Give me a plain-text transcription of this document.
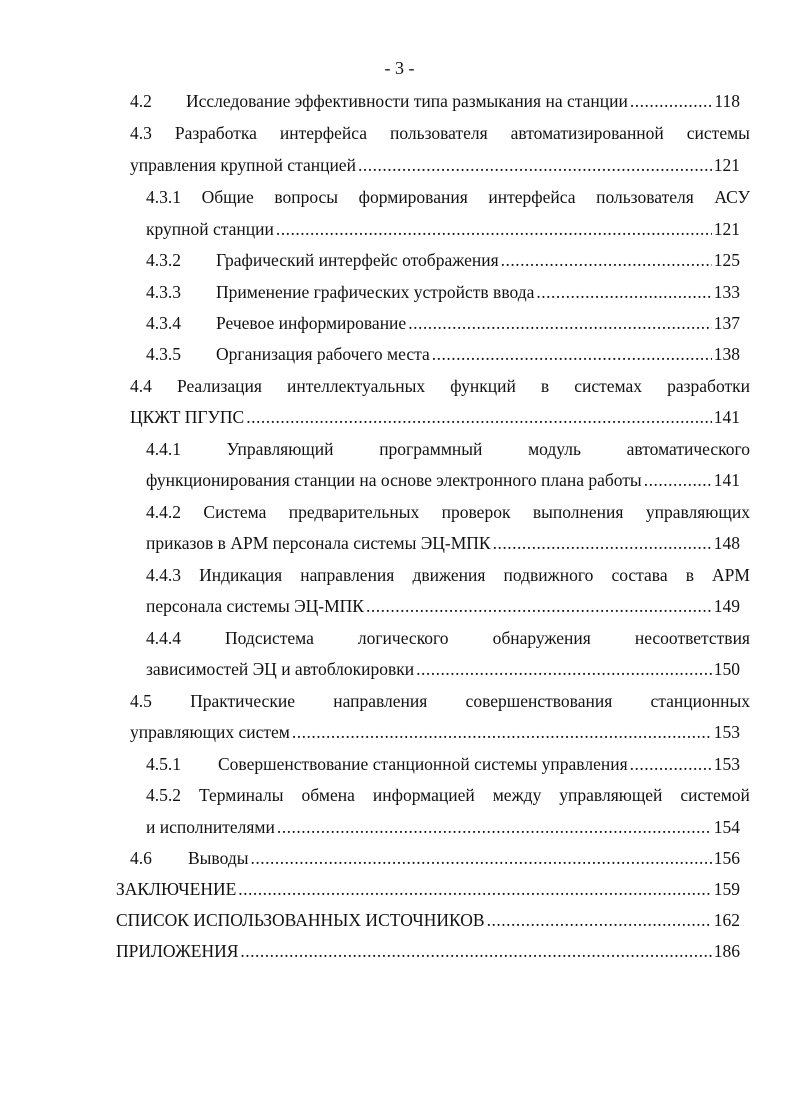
- 3 -
4.2	Исследование эффективности типа размыкания на станции .....	118
4.3 Разработка интерфейса пользователя автоматизированной системы
управления крупной станцией .....	121
4.3.1 Общие вопросы формирования интерфейса пользователя АСУ
крупной станции .....	121
4.3.2	Графический интерфейс отображения .....	125
4.3.3	Применение графических устройств ввода .....	133
4.3.4	Речевое информирование .....	137
4.3.5	Организация рабочего места .....	138
4.4 Реализация интеллектуальных функций в системах разработки
ЦКЖТ ПГУПС .....	141
4.4.1	Управляющий	программный	модуль	автоматического
функционирования станции на основе электронного плана работы .....	141
4.4.2 Система предварительных проверок выполнения управляющих
приказов в АРМ персонала системы ЭЦ-МПК .....	148
4.4.3 Индикация направления движения подвижного состава в АРМ
персонала системы ЭЦ-МПК .....	149
4.4.4	Подсистема	логического	обнаружения	несоответствия
зависимостей ЭЦ и автоблокировки .....	150
4.5 Практические направления совершенствования станционных
управляющих систем .....	153
4.5.1	Совершенствование станционной системы управления .....	153
4.5.2 Терминалы обмена информацией между управляющей системой
и исполнителями .....	154
4.6	Выводы .....	156
ЗАКЛЮЧЕНИЕ .....	159
СПИСОК ИСПОЛЬЗОВАННЫХ ИСТОЧНИКОВ .....	162
ПРИЛОЖЕНИЯ .....	186
